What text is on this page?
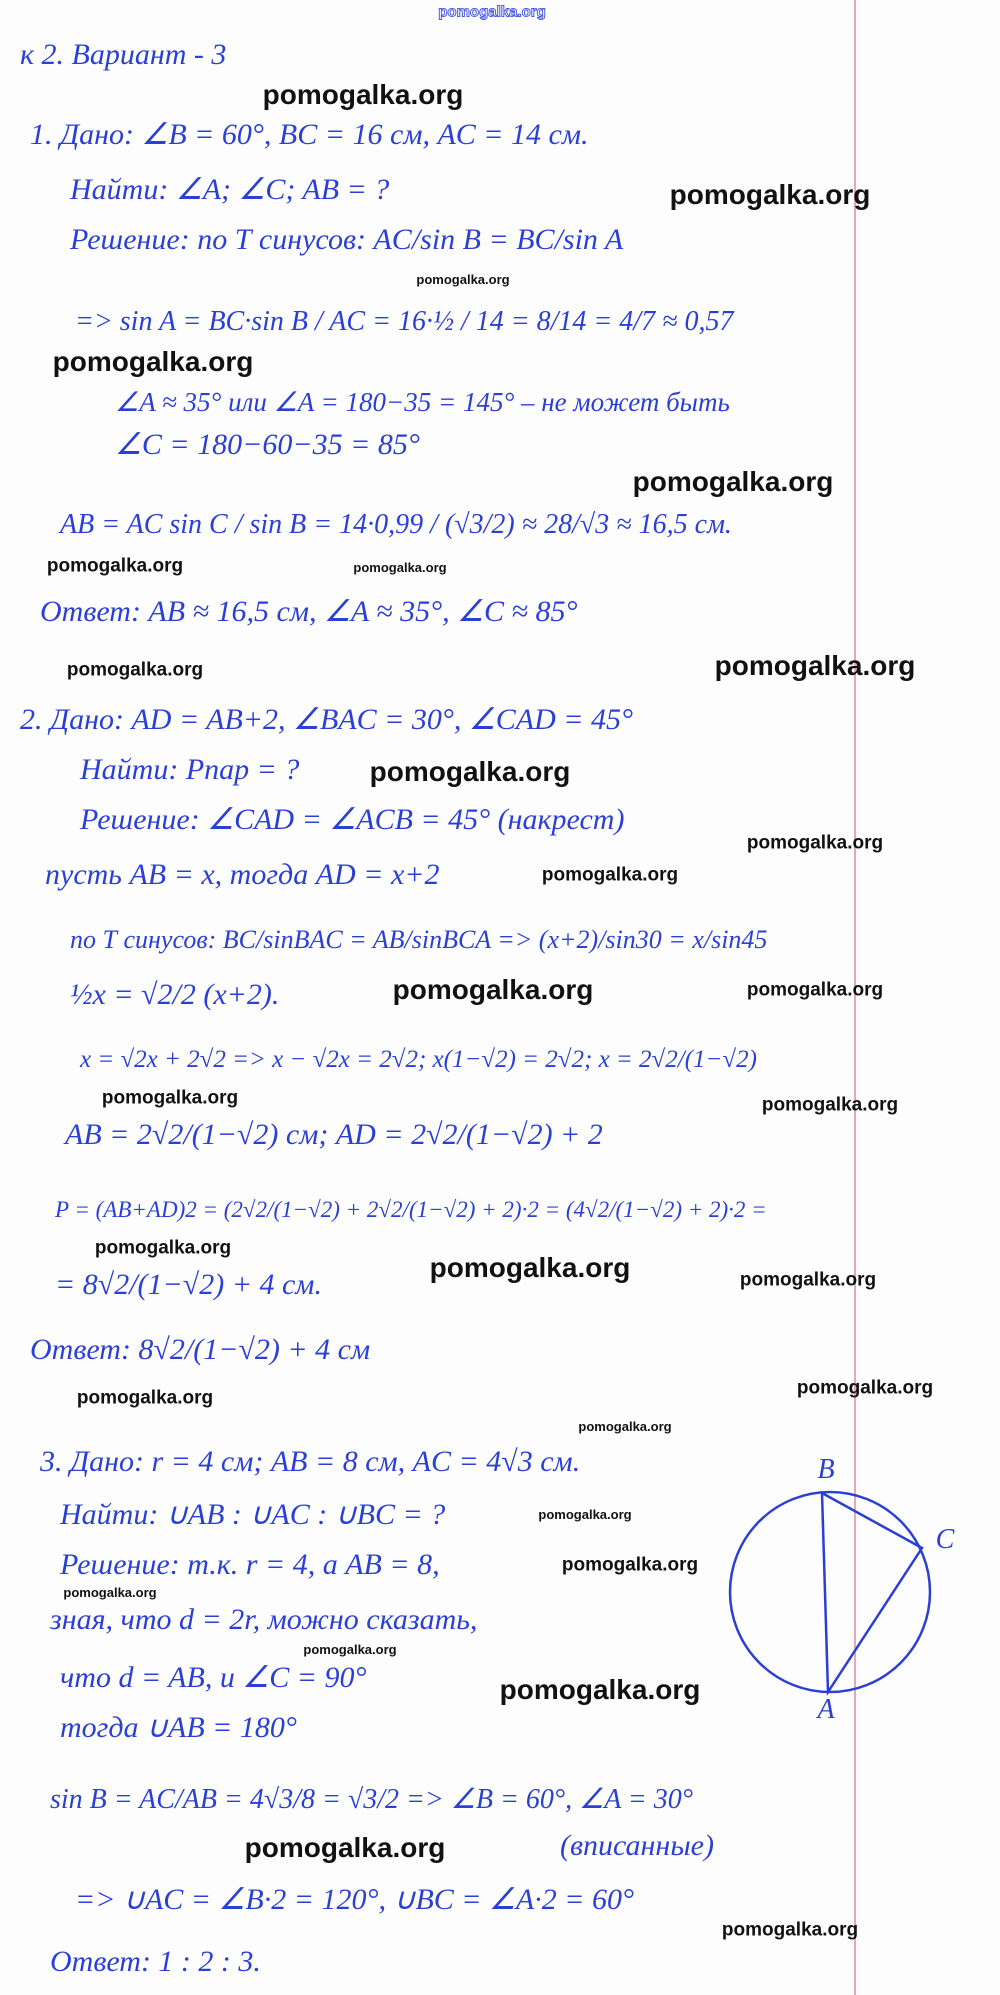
pomogalka.org
к 2. Вариант - 3
1. Дано: ∠B = 60°, BC = 16 см, AC = 14 см.
Найти: ∠A; ∠C; AB = ?
Решение: по Т синусов: AC/sin B = BC/sin A
=> sin A = BC·sin B / AC = 16·½ / 14 = 8/14 = 4/7 ≈ 0,57
∠A ≈ 35° или ∠A = 180−35 = 145° – не может быть
∠C = 180−60−35 = 85°
AB = AC sin C / sin B = 14·0,99 / (√3/2) ≈ 28/√3 ≈ 16,5 см.
Ответ: AB ≈ 16,5 см, ∠A ≈ 35°, ∠C ≈ 85°
2. Дано: AD = AB+2, ∠BAC = 30°, ∠CAD = 45°
Найти: Pпар = ?
Решение: ∠CAD = ∠ACB = 45° (накрест)
пусть AB = x, тогда AD = x+2
по Т синусов: BC/sinBAC = AB/sinBCA => (x+2)/sin30 = x/sin45
½x = √2/2 (x+2).
x = √2x + 2√2 => x − √2x = 2√2; x(1−√2) = 2√2; x = 2√2/(1−√2)
AB = 2√2/(1−√2) см; AD = 2√2/(1−√2) + 2
P = (AB+AD)2 = (2√2/(1−√2) + 2√2/(1−√2) + 2)·2 = (4√2/(1−√2) + 2)·2 =
= 8√2/(1−√2) + 4 см.
Ответ: 8√2/(1−√2) + 4 см
3. Дано: r = 4 см; AB = 8 см, AC = 4√3 см.
Найти: ∪AB : ∪AC : ∪BC = ?
Решение: т.к. r = 4, а AB = 8,
зная, что d = 2r, можно сказать,
что d = AB, и ∠C = 90°
тогда ∪AB = 180°
sin B = AC/AB = 4√3/8 = √3/2 => ∠B = 60°, ∠A = 30°
(вписанные)
=> ∪AC = ∠B·2 = 120°, ∪BC = ∠A·2 = 60°
Ответ: 1 : 2 : 3.
B
C
A
pomogalka.org
pomogalka.org
pomogalka.org
pomogalka.org
pomogalka.org
pomogalka.org	pomogalka.org
pomogalka.org
pomogalka.org
pomogalka.org
pomogalka.org
pomogalka.org
pomogalka.org	pomogalka.org
pomogalka.org	pomogalka.org
pomogalka.org
pomogalka.org	pomogalka.org
pomogalka.org	pomogalka.org
pomogalka.org
pomogalka.org
pomogalka.org
pomogalka.org
pomogalka.org
pomogalka.org
pomogalka.org
pomogalka.org
